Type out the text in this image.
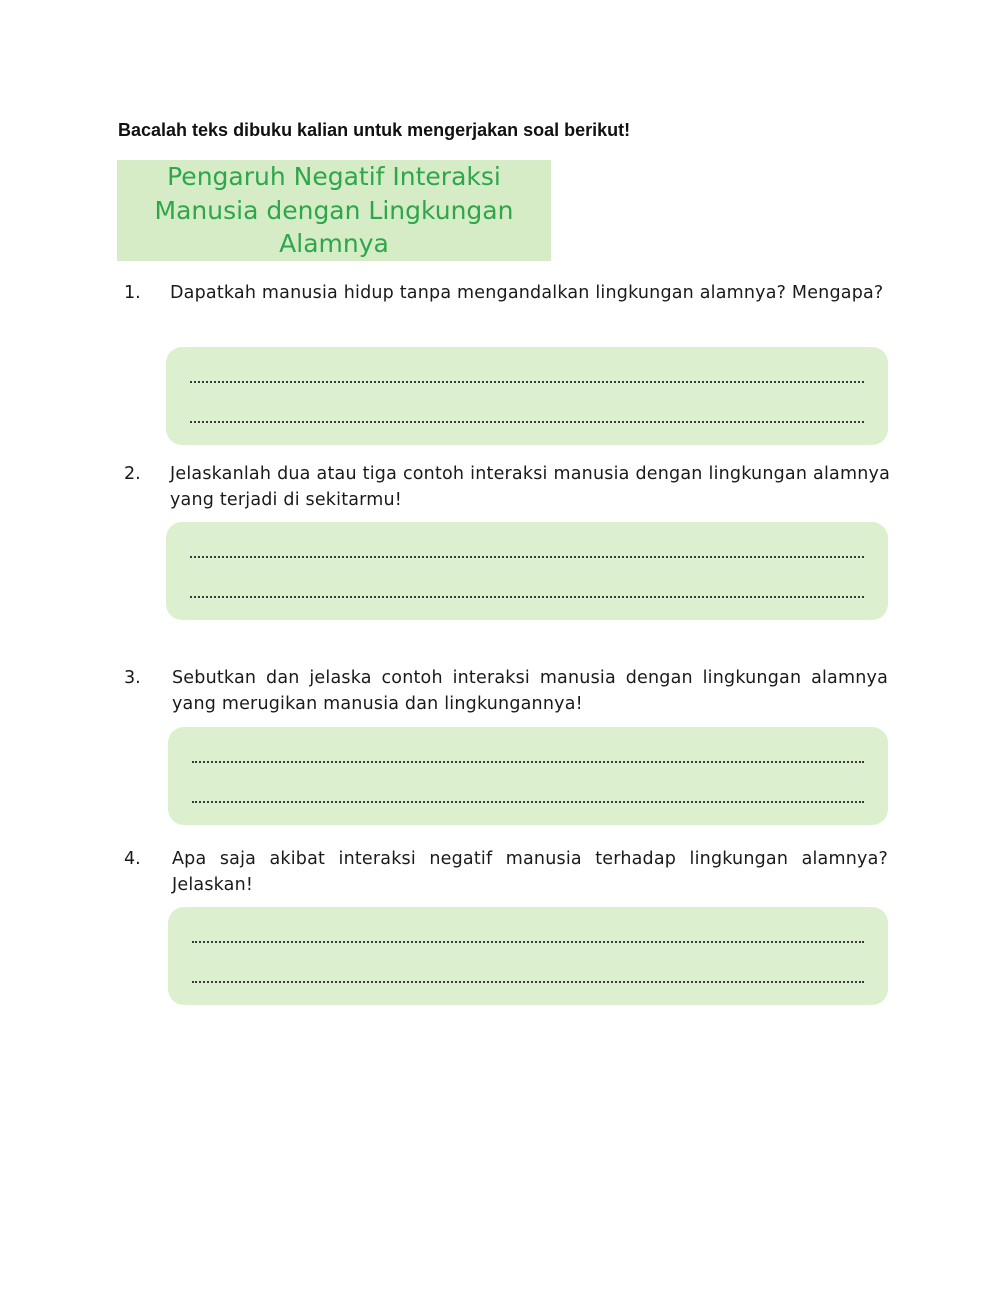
Bacalah teks dibuku kalian untuk mengerjakan soal berikut!
Pengaruh Negatif Interaksi
Manusia dengan Lingkungan
Alamnya
1. Dapatkah manusia hidup tanpa mengandalkan lingkungan alamnya? Mengapa?
2. Jelaskanlah dua atau tiga contoh interaksi manusia dengan lingkungan alamnya yang terjadi di sekitarmu!
3. Sebutkan dan jelaska contoh interaksi manusia dengan lingkungan alamnya yang merugikan manusia dan lingkungannya!
4. Apa saja akibat interaksi negatif manusia terhadap lingkungan alamnya? Jelaskan!
